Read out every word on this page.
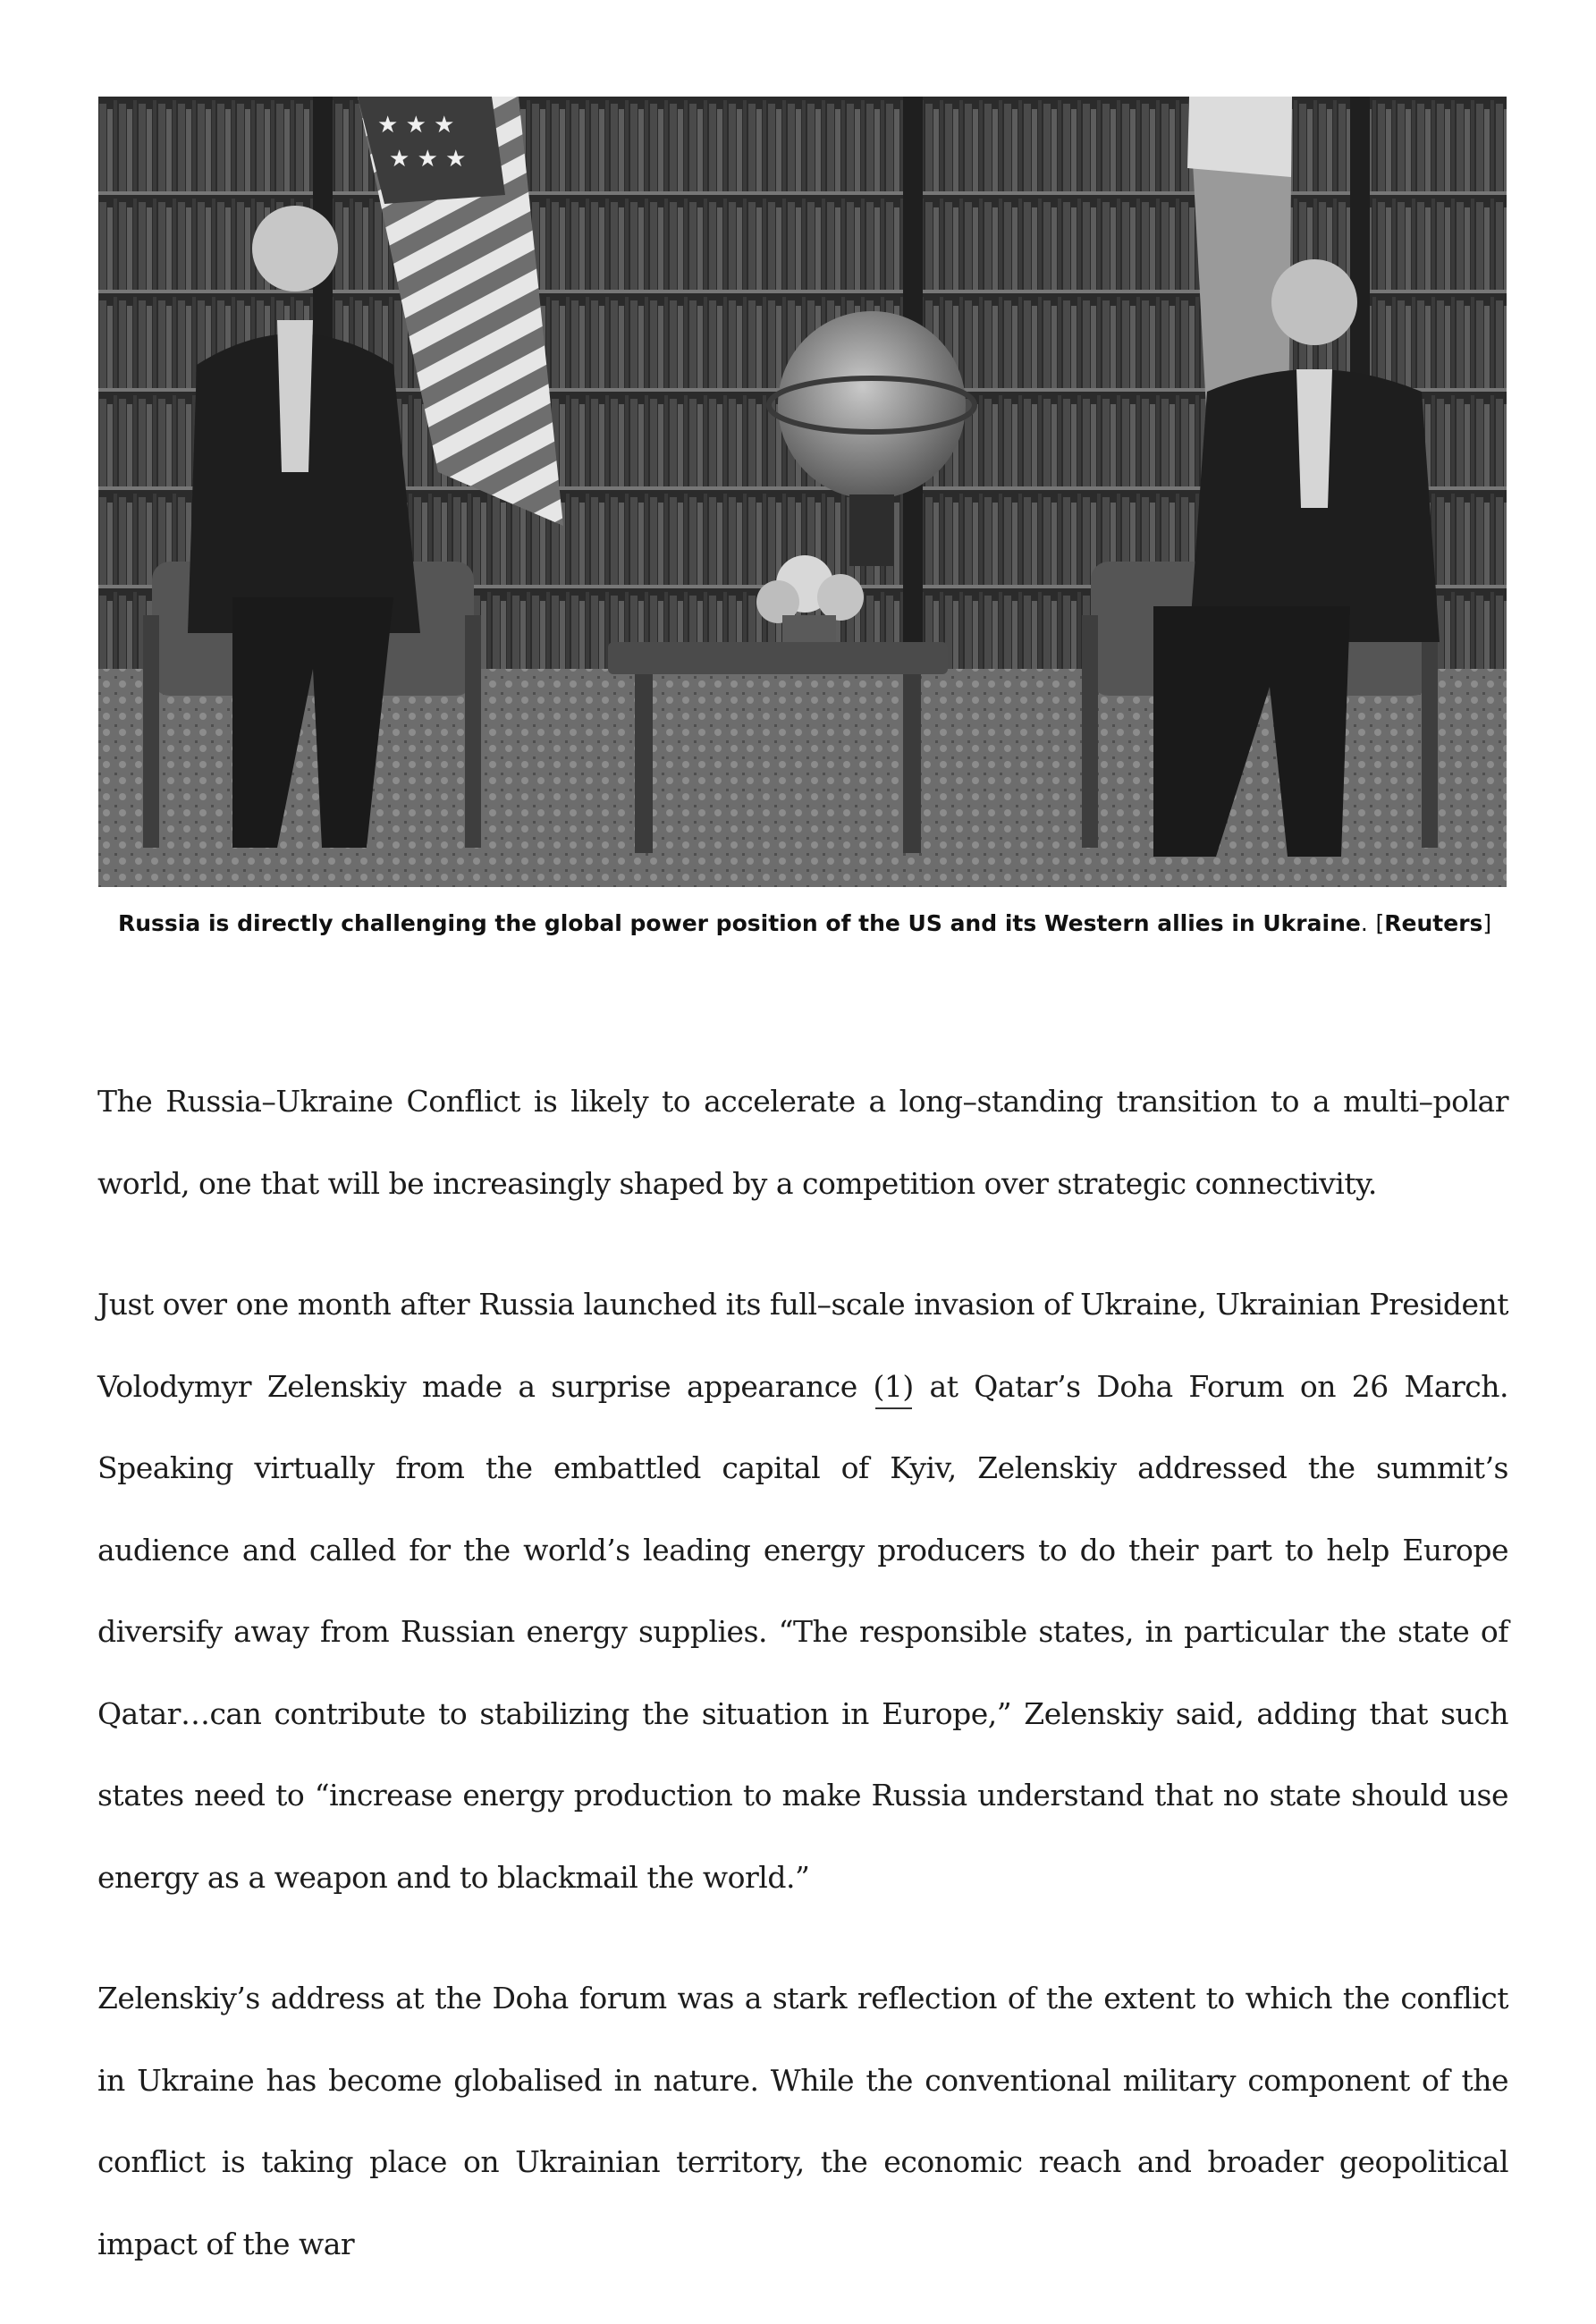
★ ★ ★
★ ★ ★
Russia is directly challenging the global power position of the US and its Western allies in Ukraine. [Reuters]

The Russia–Ukraine Conflict is likely to accelerate a long–standing transition to a multi–polar world, one that will be increasingly shaped by a competition over strategic connectivity.

Just over one month after Russia launched its full–scale invasion of Ukraine, Ukrainian President Volodymyr Zelenskiy made a surprise appearance (1) at Qatar’s Doha Forum on 26 March. Speaking virtually from the embattled capital of Kyiv, Zelenskiy addressed the summit’s audience and called for the world’s leading energy producers to do their part to help Europe diversify away from Russian energy supplies. “The responsible states, in particular the state of Qatar…can contribute to stabilizing the situation in Europe,” Zelenskiy said, adding that such states need to “increase energy production to make Russia understand that no state should use energy as a weapon and to blackmail the world.”

Zelenskiy’s address at the Doha forum was a stark reflection of the extent to which the conflict in Ukraine has become globalised in nature. While the conventional military component of the conflict is taking place on Ukrainian territory, the economic reach and broader geopolitical impact of the war
